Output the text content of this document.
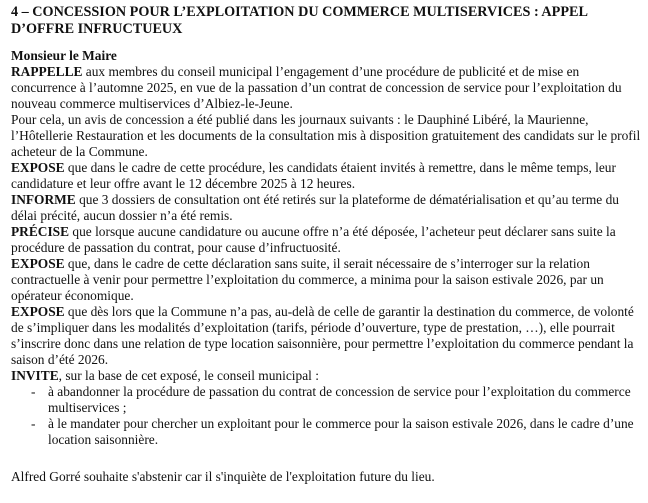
4 – CONCESSION POUR L’EXPLOITATION DU COMMERCE MULTISERVICES : APPEL
D’OFFRE INFRUCTUEUX

Monsieur le Maire

RAPPELLE aux membres du conseil municipal l’engagement d’une procédure de publicité et de mise en concurrence à l’automne 2025, en vue de la passation d’un contrat de concession de service pour l’exploitation du nouveau commerce multiservices d’Albiez-le-Jeune.

Pour cela, un avis de concession a été publié dans les journaux suivants : le Dauphiné Libéré, la Maurienne, l’Hôtellerie Restauration et les documents de la consultation mis à disposition gratuitement des candidats sur le profil acheteur de la Commune.

EXPOSE que dans le cadre de cette procédure, les candidats étaient invités à remettre, dans le même temps, leur candidature et leur offre avant le 12 décembre 2025 à 12 heures.

INFORME que 3 dossiers de consultation ont été retirés sur la plateforme de dématérialisation et qu’au terme du délai précité, aucun dossier n’a été remis.

PRÉCISE que lorsque aucune candidature ou aucune offre n’a été déposée, l’acheteur peut déclarer sans suite la procédure de passation du contrat, pour cause d’infructuosité.

EXPOSE que, dans le cadre de cette déclaration sans suite, il serait nécessaire de s’interroger sur la relation contractuelle à venir pour permettre l’exploitation du commerce, a minima pour la saison estivale 2026, par un opérateur économique.

EXPOSE que dès lors que la Commune n’a pas, au-delà de celle de garantir la destination du commerce, de volonté de s’impliquer dans les modalités d’exploitation (tarifs, période d’ouverture, type de prestation, …), elle pourrait s’inscrire donc dans une relation de type location saisonnière, pour permettre l’exploitation du commerce pendant la saison d’été 2026.

INVITE, sur la base de cet exposé, le conseil municipal :

- à abandonner la procédure de passation du contrat de concession de service pour l’exploitation du commerce multiservices ;
- à le mandater pour chercher un exploitant pour le commerce pour la saison estivale 2026, dans le cadre d’une location saisonnière.

Alfred Gorré souhaite s'abstenir car il s'inquiète de l'exploitation future du lieu.
